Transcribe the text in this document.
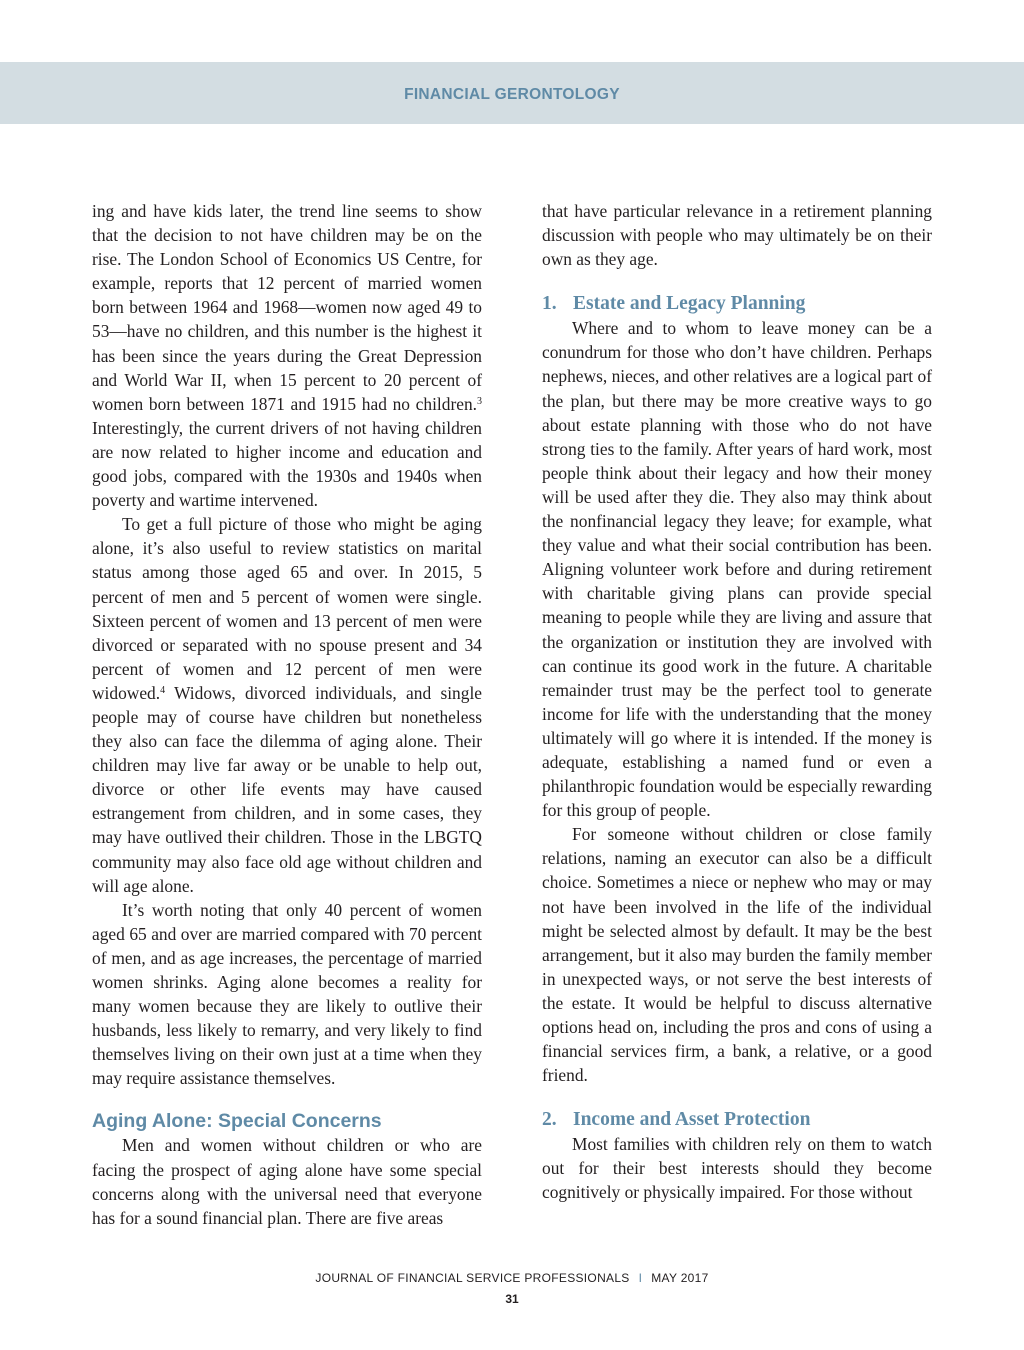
FINANCIAL GERONTOLOGY

ing and have kids later, the trend line seems to show that the decision to not have children may be on the rise. The London School of Economics US Centre, for example, reports that 12 percent of married women born between 1964 and 1968—women now aged 49 to 53—have no children, and this number is the highest it has been since the years during the Great Depression and World War II, when 15 percent to 20 percent of women born between 1871 and 1915 had no children.$^3$ Interestingly, the current drivers of not having children are now related to higher income and education and good jobs, compared with the 1930s and 1940s when poverty and wartime intervened.

To get a full picture of those who might be aging alone, it’s also useful to review statistics on marital status among those aged 65 and over. In 2015, 5 percent of men and 5 percent of women were single. Sixteen percent of women and 13 percent of men were divorced or separated with no spouse present and 34 percent of women and 12 percent of men were widowed.$^4$ Widows, divorced individuals, and single people may of course have children but nonetheless they also can face the dilemma of aging alone. Their children may live far away or be unable to help out, divorce or other life events may have caused estrangement from children, and in some cases, they may have outlived their children. Those in the LBGTQ community may also face old age without children and will age alone.

It’s worth noting that only 40 percent of women aged 65 and over are married compared with 70 percent of men, and as age increases, the percentage of married women shrinks. Aging alone becomes a reality for many women because they are likely to outlive their husbands, less likely to remarry, and very likely to find themselves living on their own just at a time when they may require assistance themselves.

Aging Alone: Special Concerns

Men and women without children or who are facing the prospect of aging alone have some special concerns along with the universal need that everyone has for a sound financial plan. There are five areas

that have particular relevance in a retirement planning discussion with people who may ultimately be on their own as they age.

1. Estate and Legacy Planning

Where and to whom to leave money can be a conundrum for those who don’t have children. Perhaps nephews, nieces, and other relatives are a logical part of the plan, but there may be more creative ways to go about estate planning with those who do not have strong ties to the family. After years of hard work, most people think about their legacy and how their money will be used after they die. They also may think about the nonfinancial legacy they leave; for example, what they value and what their social contribution has been. Aligning volunteer work before and during retirement with charitable giving plans can provide special meaning to people while they are living and assure that the organization or institution they are involved with can continue its good work in the future. A charitable remainder trust may be the perfect tool to generate income for life with the understanding that the money ultimately will go where it is intended. If the money is adequate, establishing a named fund or even a philanthropic foundation would be especially rewarding for this group of people.

For someone without children or close family relations, naming an executor can also be a difficult choice. Sometimes a niece or nephew who may or may not have been involved in the life of the individual might be selected almost by default. It may be the best arrangement, but it also may burden the family member in unexpected ways, or not serve the best interests of the estate. It would be helpful to discuss alternative options head on, including the pros and cons of using a financial services firm, a bank, a relative, or a good friend.

2. Income and Asset Protection

Most families with children rely on them to watch out for their best interests should they become cognitively or physically impaired. For those without

JOURNAL OF FINANCIAL SERVICE PROFESSIONALS I MAY 2017
31
